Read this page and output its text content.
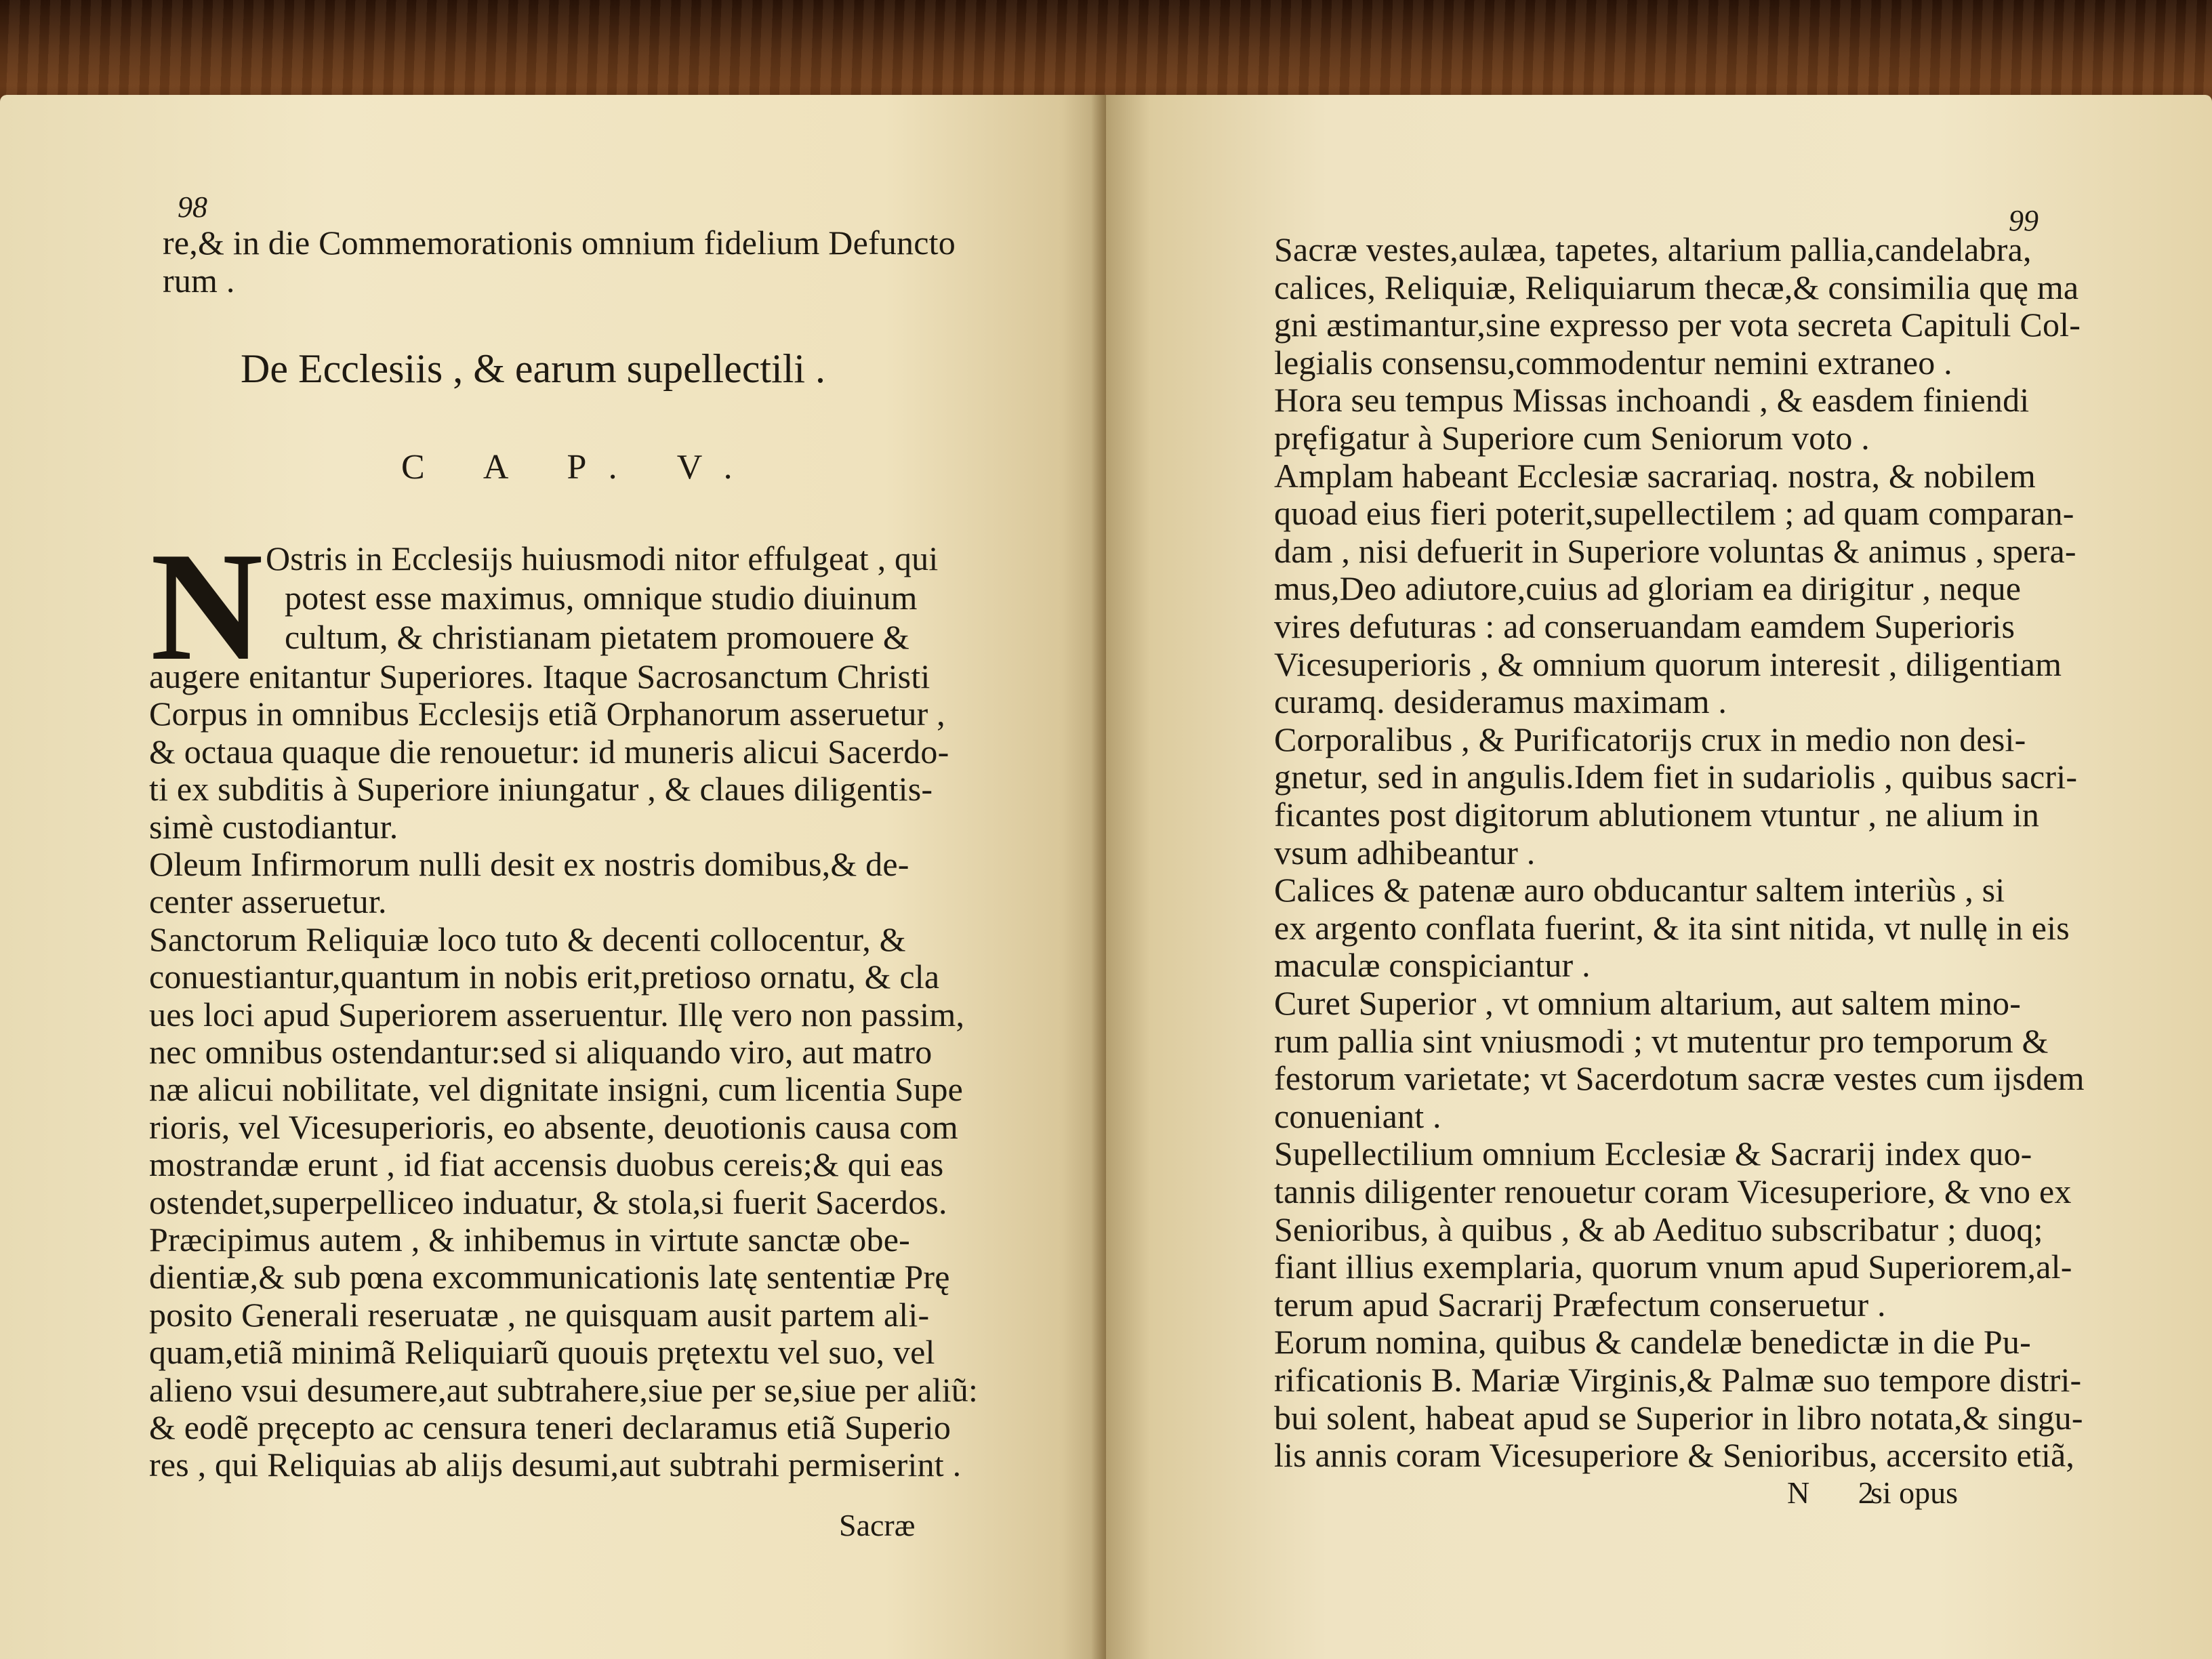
98
re,& in die Commemorationis omnium fidelium Defuncto
rum .
De Ecclesiis , & earum supellectili .
C A P. V.
N Ostris in Ecclesijs huiusmodi nitor effulgeat , qui
potest esse maximus, omnique studio diuinum
cultum, & christianam pietatem promouere &
augere enitantur Superiores. Itaque Sacrosanctum Christi
Corpus in omnibus Ecclesijs etiã Orphanorum asseruetur ,
& octaua quaque die renouetur: id muneris alicui Sacerdo-
ti ex subditis à Superiore iniungatur , & claues diligentis-
simè custodiantur.
Oleum Infirmorum nulli desit ex nostris domibus,& de-
center asseruetur.
Sanctorum Reliquiæ loco tuto & decenti collocentur, &
conuestiantur,quantum in nobis erit,pretioso ornatu, & cla
ues loci apud Superiorem asseruentur. Illę vero non passim,
nec omnibus ostendantur:sed si aliquando viro, aut matro
næ alicui nobilitate, vel dignitate insigni, cum licentia Supe
rioris, vel Vicesuperioris, eo absente, deuotionis causa com
mostrandæ erunt , id fiat accensis duobus cereis;& qui eas
ostendet,superpelliceo induatur, & stola,si fuerit Sacerdos.
Præcipimus autem , & inhibemus in virtute sanctæ obe-
dientiæ,& sub pœna excommunicationis latę sententiæ Prę
posito Generali reseruatæ , ne quisquam ausit partem ali-
quam,etiã minimã Reliquiarũ quouis prętextu vel suo, vel
alieno vsui desumere,aut subtrahere,siue per se,siue per aliũ:
& eodẽ pręcepto ac censura teneri declaramus etiã Superio
res , qui Reliquias ab alijs desumi,aut subtrahi permiserint .
Sacræ
99
Sacræ vestes,aulæa, tapetes, altarium pallia,candelabra,
calices, Reliquiæ, Reliquiarum thecæ,& consimilia quę ma
gni æstimantur,sine expresso per vota secreta Capituli Col-
legialis consensu,commodentur nemini extraneo .
Hora seu tempus Missas inchoandi , & easdem finiendi
pręfigatur à Superiore cum Seniorum voto .
Amplam habeant Ecclesiæ sacrariaq. nostra, & nobilem
quoad eius fieri poterit,supellectilem ; ad quam comparan-
dam , nisi defuerit in Superiore voluntas & animus , spera-
mus,Deo adiutore,cuius ad gloriam ea dirigitur , neque
vires defuturas : ad conseruandam eamdem Superioris
Vicesuperioris , & omnium quorum interesit , diligentiam
curamq. desideramus maximam .
Corporalibus , & Purificatorijs crux in medio non desi-
gnetur, sed in angulis.Idem fiet in sudariolis , quibus sacri-
ficantes post digitorum ablutionem vtuntur , ne alium in
vsum adhibeantur .
Calices & patenæ auro obducantur saltem interiùs , si
ex argento conflata fuerint, & ita sint nitida, vt nullę in eis
maculæ conspiciantur .
Curet Superior , vt omnium altarium, aut saltem mino-
rum pallia sint vniusmodi ; vt mutentur pro temporum &
festorum varietate; vt Sacerdotum sacræ vestes cum ijsdem
conueniant .
Supellectilium omnium Ecclesiæ & Sacrarij index quo-
tannis diligenter renouetur coram Vicesuperiore, & vno ex
Senioribus, à quibus , & ab Aedituo subscribatur ; duoq;
fiant illius exemplaria, quorum vnum apud Superiorem,al-
terum apud Sacrarij Præfectum conseruetur .
Eorum nomina, quibus & candelæ benedictæ in die Pu-
rificationis B. Mariæ Virginis,& Palmæ suo tempore distri-
bui solent, habeat apud se Superior in libro notata,& singu-
lis annis coram Vicesuperiore & Senioribus, accersito etiã,
N 2
si opus
